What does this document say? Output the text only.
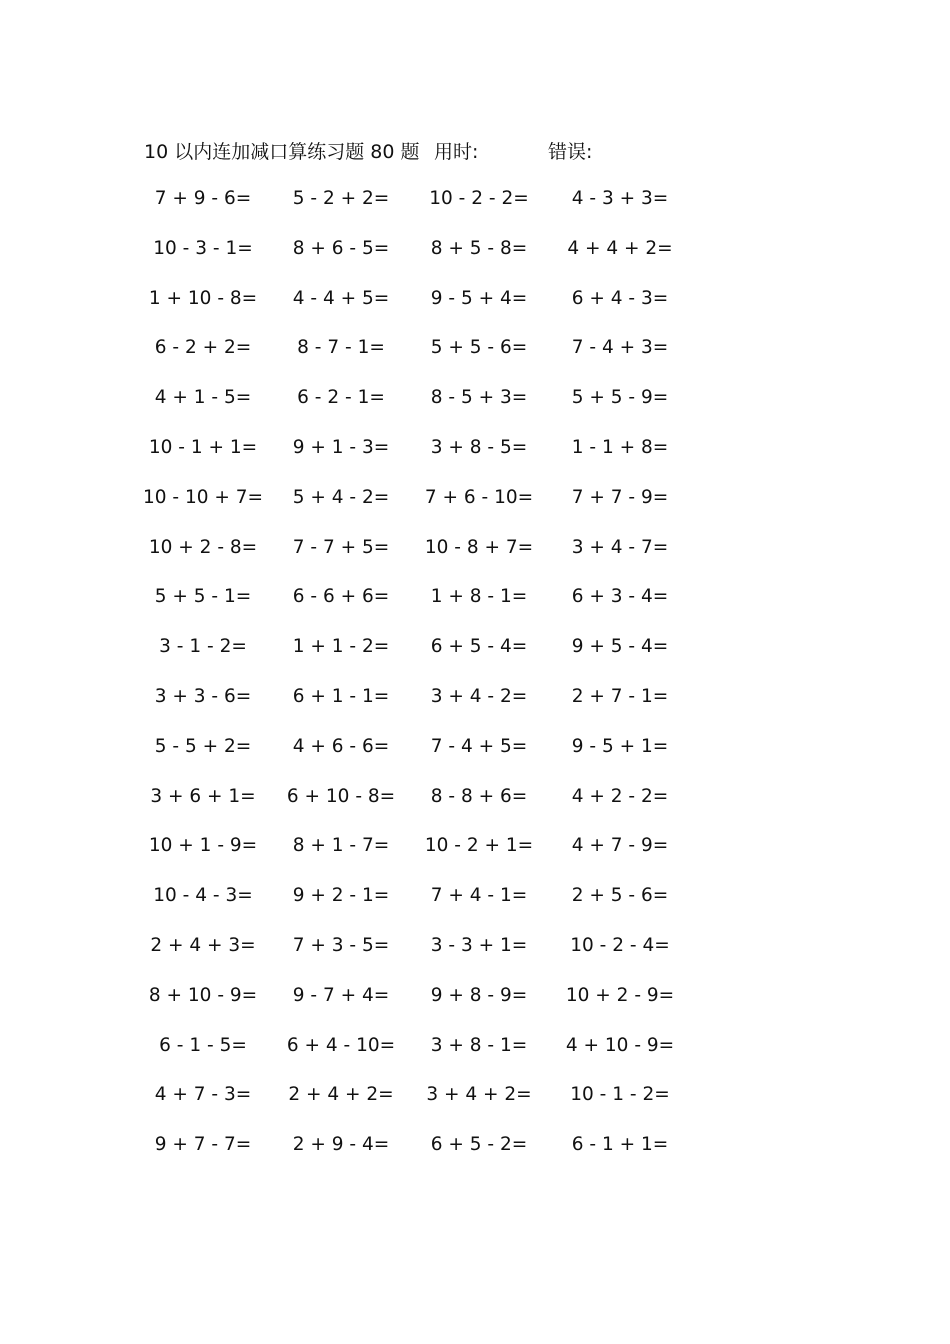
10 以内连加减口算练习题 80 题 用时:	错误:
7 + 9 - 6=	5 - 2 + 2=	10 - 2 - 2=	4 - 3 + 3=
10 - 3 - 1=	8 + 6 - 5=	8 + 5 - 8=	4 + 4 + 2=
1 + 10 - 8=	4 - 4 + 5=	9 - 5 + 4=	6 + 4 - 3=
6 - 2 + 2=	8 - 7 - 1=	5 + 5 - 6=	7 - 4 + 3=
4 + 1 - 5=	6 - 2 - 1=	8 - 5 + 3=	5 + 5 - 9=
10 - 1 + 1=	9 + 1 - 3=	3 + 8 - 5=	1 - 1 + 8=
10 - 10 + 7=	5 + 4 - 2=	7 + 6 - 10=	7 + 7 - 9=
10 + 2 - 8=	7 - 7 + 5=	10 - 8 + 7=	3 + 4 - 7=
5 + 5 - 1=	6 - 6 + 6=	1 + 8 - 1=	6 + 3 - 4=
3 - 1 - 2=	1 + 1 - 2=	6 + 5 - 4=	9 + 5 - 4=
3 + 3 - 6=	6 + 1 - 1=	3 + 4 - 2=	2 + 7 - 1=
5 - 5 + 2=	4 + 6 - 6=	7 - 4 + 5=	9 - 5 + 1=
3 + 6 + 1=	6 + 10 - 8=	8 - 8 + 6=	4 + 2 - 2=
10 + 1 - 9=	8 + 1 - 7=	10 - 2 + 1=	4 + 7 - 9=
10 - 4 - 3=	9 + 2 - 1=	7 + 4 - 1=	2 + 5 - 6=
2 + 4 + 3=	7 + 3 - 5=	3 - 3 + 1=	10 - 2 - 4=
8 + 10 - 9=	9 - 7 + 4=	9 + 8 - 9=	10 + 2 - 9=
6 - 1 - 5=	6 + 4 - 10=	3 + 8 - 1=	4 + 10 - 9=
4 + 7 - 3=	2 + 4 + 2=	3 + 4 + 2=	10 - 1 - 2=
9 + 7 - 7=	2 + 9 - 4=	6 + 5 - 2=	6 - 1 + 1=
